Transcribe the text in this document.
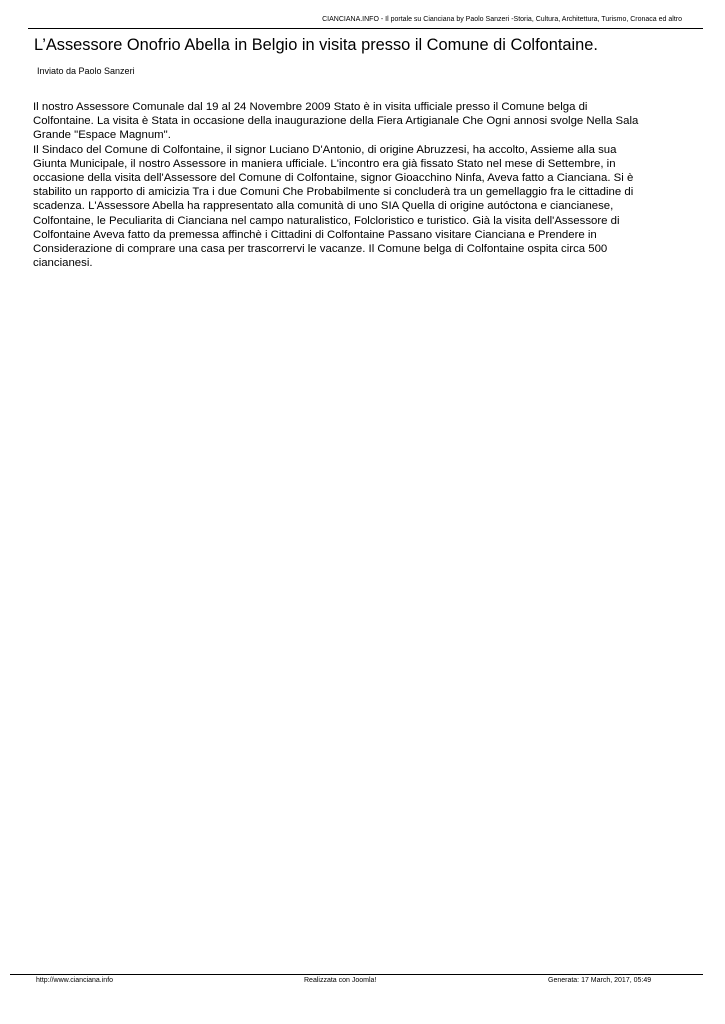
CIANCIANA.INFO - Il portale su Cianciana by Paolo Sanzeri -Storia, Cultura, Architettura, Turismo, Cronaca ed altro
L’Assessore Onofrio Abella in Belgio in visita presso il Comune di Colfontaine.
Inviato da Paolo Sanzeri
Il nostro Assessore Comunale dal 19 al 24 Novembre 2009 Stato è in visita ufficiale presso il Comune belga di
Colfontaine. La visita è Stata in occasione della inaugurazione della Fiera Artigianale Che Ogni annosi svolge Nella Sala
Grande "Espace Magnum".
Il Sindaco del Comune di Colfontaine, il signor Luciano D'Antonio, di origine Abruzzesi, ha accolto, Assieme alla sua
Giunta Municipale, il nostro Assessore in maniera ufficiale. L'incontro era già fissato Stato nel mese di Settembre, in
occasione della visita dell'Assessore del Comune di Colfontaine, signor Gioacchino Ninfa, Aveva fatto a Cianciana. Si è
stabilito un rapporto di amicizia Tra i due Comuni Che Probabilmente si concluderà tra un gemellaggio fra le cittadine di
scadenza. L'Assessore Abella ha rappresentato alla comunità di uno SIA Quella di origine autóctona e ciancianese,
Colfontaine, le Peculiarita di Cianciana nel campo naturalistico, Folcloristico e turistico. Già la visita dell'Assessore di
Colfontaine Aveva fatto da premessa affinchè i Cittadini di Colfontaine Passano visitare Cianciana e Prendere in
Considerazione di comprare una casa per trascorrervi le vacanze. Il Comune belga di Colfontaine ospita circa 500
ciancianesi.
http://www.cianciana.info	Realizzata con Joomla!	Generata: 17 March, 2017, 05:49
